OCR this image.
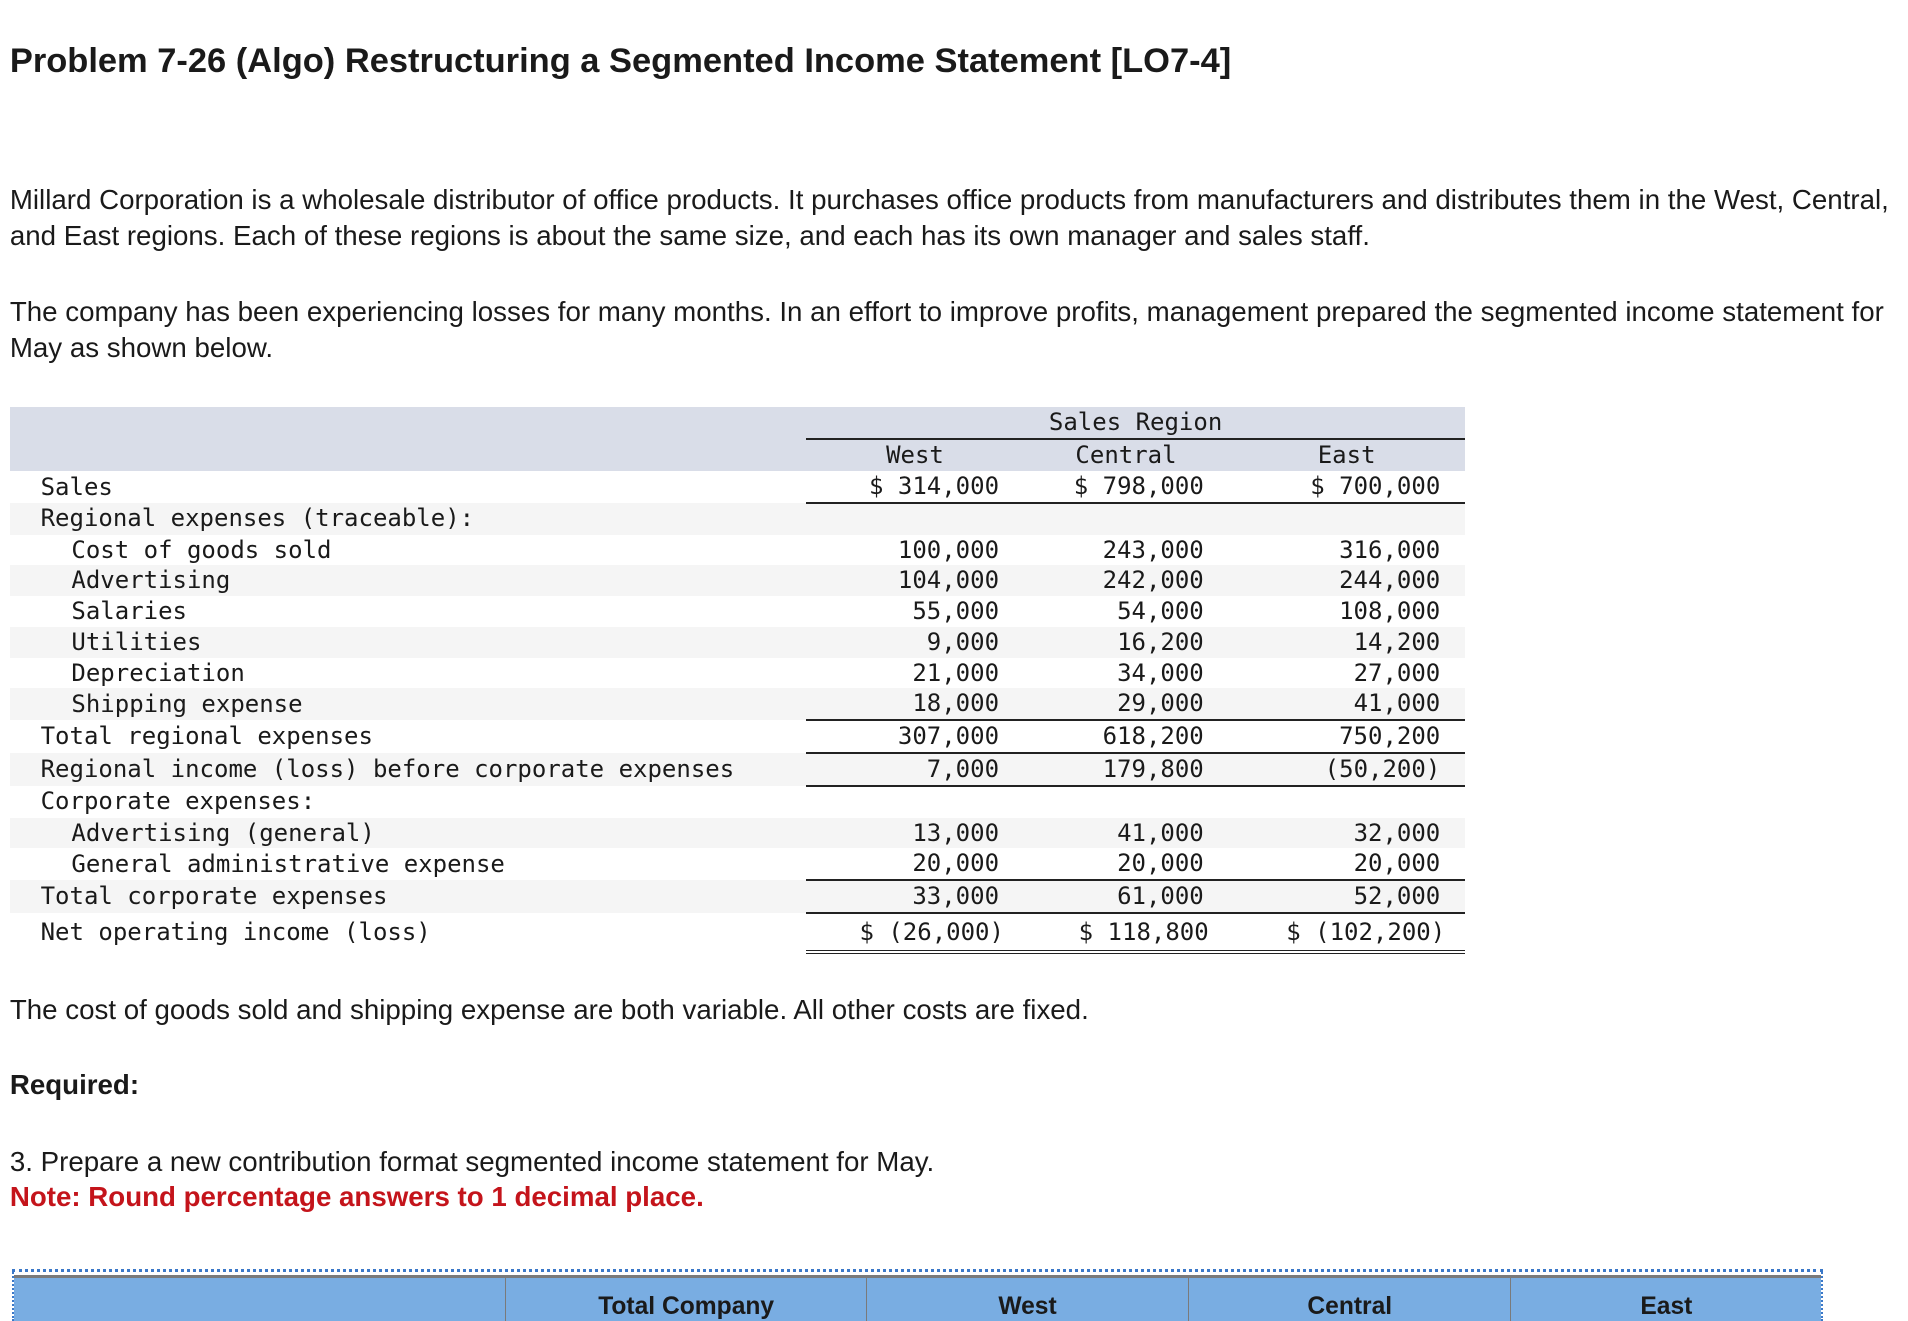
Problem 7-26 (Algo) Restructuring a Segmented Income Statement [LO7-4]

Millard Corporation is a wholesale distributor of office products. It purchases office products from manufacturers and distributes them in the West, Central, and East regions. Each of these regions is about the same size, and each has its own manager and sales staff.

The company has been experiencing losses for many months. In an effort to improve profits, management prepared the segmented income statement for May as shown below.

	Sales Region		
	West	Central	East
Sales	$ 314,000	$ 798,000	$ 700,000
Regional expenses (traceable):			
Cost of goods sold	100,000	243,000	316,000
Advertising	104,000	242,000	244,000
Salaries	55,000	54,000	108,000
Utilities	9,000	16,200	14,200
Depreciation	21,000	34,000	27,000
Shipping expense	18,000	29,000	41,000
Total regional expenses	307,000	618,200	750,200
Regional income (loss) before corporate expenses	7,000	179,800	(50,200)
Corporate expenses:			
Advertising (general)	13,000	41,000	32,000
General administrative expense	20,000	20,000	20,000
Total corporate expenses	33,000	61,000	52,000
Net operating income (loss)	$ (26,000)	$ 118,800	$ (102,200)

The cost of goods sold and shipping expense are both variable. All other costs are fixed.

Required:

3. Prepare a new contribution format segmented income statement for May.

Note: Round percentage answers to 1 decimal place.

	Total Company	West	Central	East
